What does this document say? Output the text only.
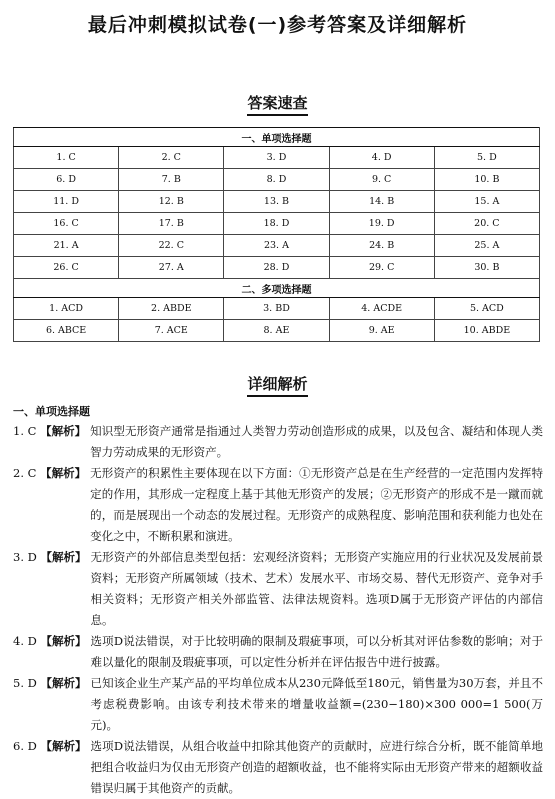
最后冲刺模拟试卷(一)参考答案及详细解析
答案速查
一、单项选择题				
1. C	2. C	3. D	4. D	5. D
6. D	7. B	8. D	9. C	10. B
11. D	12. B	13. B	14. B	15. A
16. C	17. B	18. D	19. D	20. C
21. A	22. C	23. A	24. B	25. A
26. C	27. A	28. D	29. C	30. B
二、多项选择题				
1. ACD	2. ABDE	3. BD	4. ACDE	5. ACD
6. ABCE	7. ACE	8. AE	9. AE	10. ABDE
详细解析
一、单项选择题
1. C 【解析】 知识型无形资产通常是指通过人类智力劳动创造形成的成果，以及包含、凝结和体现人类智力劳动成果的无形资产。
2. C 【解析】 无形资产的积累性主要体现在以下方面：①无形资产总是在生产经营的一定范围内发挥特定的作用，其形成一定程度上基于其他无形资产的发展；②无形资产的形成不是一蹴而就的，而是展现出一个动态的发展过程。无形资产的成熟程度、影响范围和获利能力也处在变化之中，不断积累和演进。
3. D 【解析】 无形资产的外部信息类型包括：宏观经济资料；无形资产实施应用的行业状况及发展前景资料；无形资产所属领域（技术、艺术）发展水平、市场交易、替代无形资产、竞争对手相关资料；无形资产相关外部监管、法律法规资料。选项D属于无形资产评估的内部信息。
4. D 【解析】 选项D说法错误，对于比较明确的限制及瑕疵事项，可以分析其对评估参数的影响；对于难以量化的限制及瑕疵事项，可以定性分析并在评估报告中进行披露。
5. D 【解析】 已知该企业生产某产品的平均单位成本从230元降低至180元，销售量为30万套，并且不考虑税费影响。由该专利技术带来的增量收益额=(230−180)×300 000=1 500(万元)。
6. D 【解析】 选项D说法错误，从组合收益中扣除其他资产的贡献时，应进行综合分析，既不能简单地把组合收益归为仅由无形资产创造的超额收益，也不能将实际由无形资产带来的超额收益错误归属于其他资产的贡献。
